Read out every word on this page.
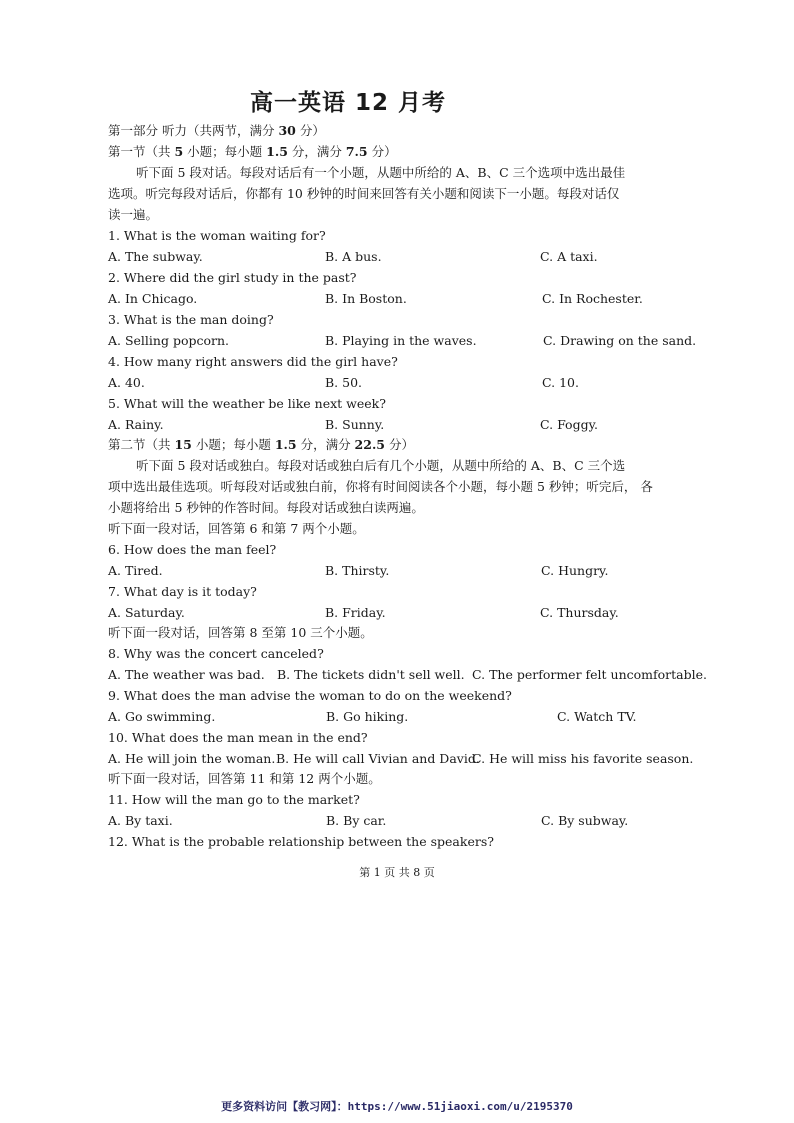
高一英语 12 月考
第一部分 听力（共两节，满分 30 分）
第一节（共 5 小题；每小题 1.5 分，满分 7.5 分）
听下面 5 段对话。每段对话后有一个小题，从题中所给的 A、B、C 三个选项中选出最佳
选项。听完每段对话后，你都有 10 秒钟的时间来回答有关小题和阅读下一小题。每段对话仅
读一遍。
1. What is the woman waiting for?
A. The subway.	B. A bus.	C. A taxi.
2. Where did the girl study in the past?
A. In Chicago.	B. In Boston.	C. In Rochester.
3. What is the man doing?
A. Selling popcorn.	B. Playing in the waves.	C. Drawing on the sand.
4. How many right answers did the girl have?
A. 40.	B. 50.	C. 10.
5. What will the weather be like next week?
A. Rainy.	B. Sunny.	C. Foggy.
第二节（共 15 小题；每小题 1.5 分，满分 22.5 分）
听下面 5 段对话或独白。每段对话或独白后有几个小题，从题中所给的 A、B、C 三个选
项中选出最佳选项。听每段对话或独白前，你将有时间阅读各个小题，每小题 5 秒钟；听完后， 各
小题将给出 5 秒钟的作答时间。每段对话或独白读两遍。
听下面一段对话，回答第 6 和第 7 两个小题。
6. How does the man feel?
A. Tired.	B. Thirsty.	C. Hungry.
7. What day is it today?
A. Saturday.	B. Friday.	C. Thursday.
听下面一段对话，回答第 8 至第 10 三个小题。
8. Why was the concert canceled?
A. The weather was bad. B. The tickets didn't sell well. C. The performer felt uncomfortable.
9. What does the man advise the woman to do on the weekend?
A. Go swimming.	B. Go hiking.	C. Watch TV.
10. What does the man mean in the end?
A. He will join the woman. B. He will call Vivian and David.
C. He will miss his favorite season.
听下面一段对话，回答第 11 和第 12 两个小题。
11. How will the man go to the market?
A. By taxi.	B. By car.	C. By subway.
12. What is the probable relationship between the speakers?
第 1 页 共 8 页
更多资料访问【教习网】：https://www.51jiaoxi.com/u/2195370
